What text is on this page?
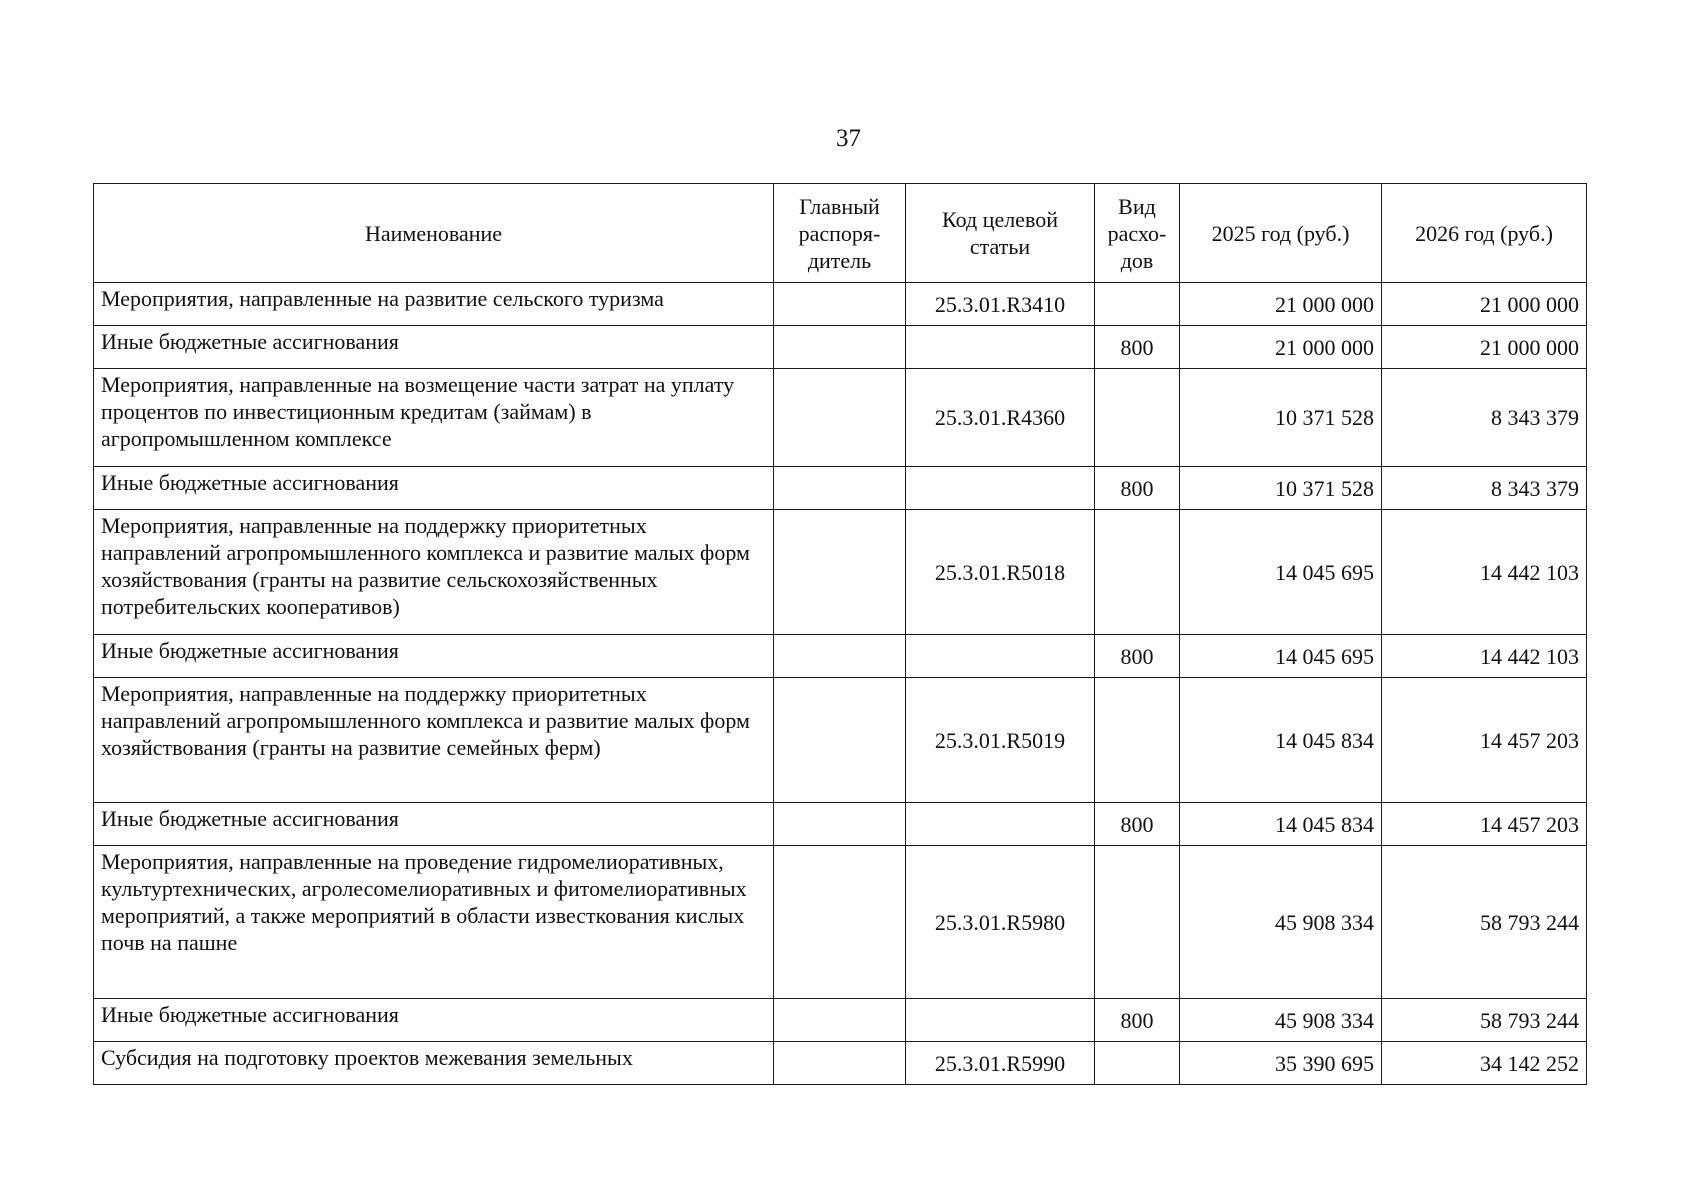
37
Наименование	Главный распоря-дитель	Код целевой статьи	Вид расхо-дов	2025 год (руб.)	2026 год (руб.)
Мероприятия, направленные на развитие сельского туризма		25.3.01.R3410		21 000 000	21 000 000
Иные бюджетные ассигнования			800	21 000 000	21 000 000
Мероприятия, направленные на возмещение части затрат на уплату процентов по инвестиционным кредитам (займам) в агропромышленном комплексе		25.3.01.R4360		10 371 528	8 343 379
Иные бюджетные ассигнования			800	10 371 528	8 343 379
Мероприятия, направленные на поддержку приоритетных направлений агропромышленного комплекса и развитие малых форм хозяйствования (гранты на развитие сельскохозяйственных потребительских кооперативов)		25.3.01.R5018		14 045 695	14 442 103
Иные бюджетные ассигнования			800	14 045 695	14 442 103
Мероприятия, направленные на поддержку приоритетных направлений агропромышленного комплекса и развитие малых форм хозяйствования (гранты на развитие семейных ферм)		25.3.01.R5019		14 045 834	14 457 203
Иные бюджетные ассигнования			800	14 045 834	14 457 203
Мероприятия, направленные на проведение гидромелиоративных, культуртехнических, агролесомелиоративных и фитомелиоративных мероприятий, а также мероприятий в области известкования кислых почв на пашне		25.3.01.R5980		45 908 334	58 793 244
Иные бюджетные ассигнования			800	45 908 334	58 793 244
Субсидия на подготовку проектов межевания земельных		25.3.01.R5990		35 390 695	34 142 252
